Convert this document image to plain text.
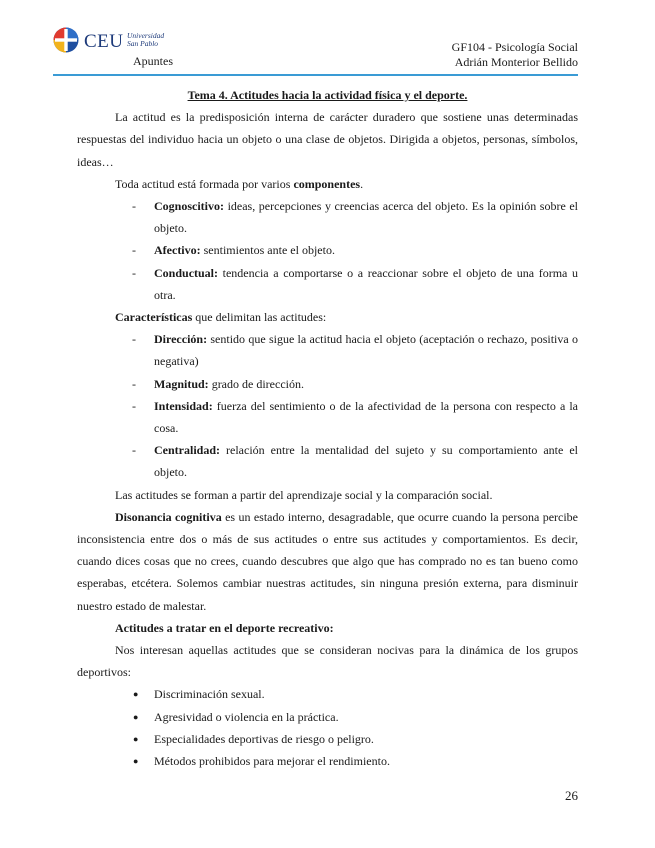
CEU Universidad
San Pablo
Apuntes
GF104 - Psicología Social
Adrián Monterior Bellido

Tema 4. Actitudes hacia la actividad física y el deporte.

La actitud es la predisposición interna de carácter duradero que sostiene unas determinadas respuestas del individuo hacia un objeto o una clase de objetos. Dirigida a objetos, personas, símbolos, ideas…

Toda actitud está formada por varios componentes.

- Cognoscitivo: ideas, percepciones y creencias acerca del objeto. Es la opinión sobre el objeto.
- Afectivo: sentimientos ante el objeto.
- Conductual: tendencia a comportarse o a reaccionar sobre el objeto de una forma u otra.

Características que delimitan las actitudes:

- Dirección: sentido que sigue la actitud hacia el objeto (aceptación o rechazo, positiva o negativa)
- Magnitud: grado de dirección.
- Intensidad: fuerza del sentimiento o de la afectividad de la persona con respecto a la cosa.
- Centralidad: relación entre la mentalidad del sujeto y su comportamiento ante el objeto.

Las actitudes se forman a partir del aprendizaje social y la comparación social.

Disonancia cognitiva es un estado interno, desagradable, que ocurre cuando la persona percibe inconsistencia entre dos o más de sus actitudes o entre sus actitudes y comportamientos. Es decir, cuando dices cosas que no crees, cuando descubres que algo que has comprado no es tan bueno como esperabas, etcétera. Solemos cambiar nuestras actitudes, sin ninguna presión externa, para disminuir nuestro estado de malestar.

Actitudes a tratar en el deporte recreativo:

Nos interesan aquellas actitudes que se consideran nocivas para la dinámica de los grupos deportivos:

● Discriminación sexual.
● Agresividad o violencia en la práctica.
● Especialidades deportivas de riesgo o peligro.
● Métodos prohibidos para mejorar el rendimiento.
26
